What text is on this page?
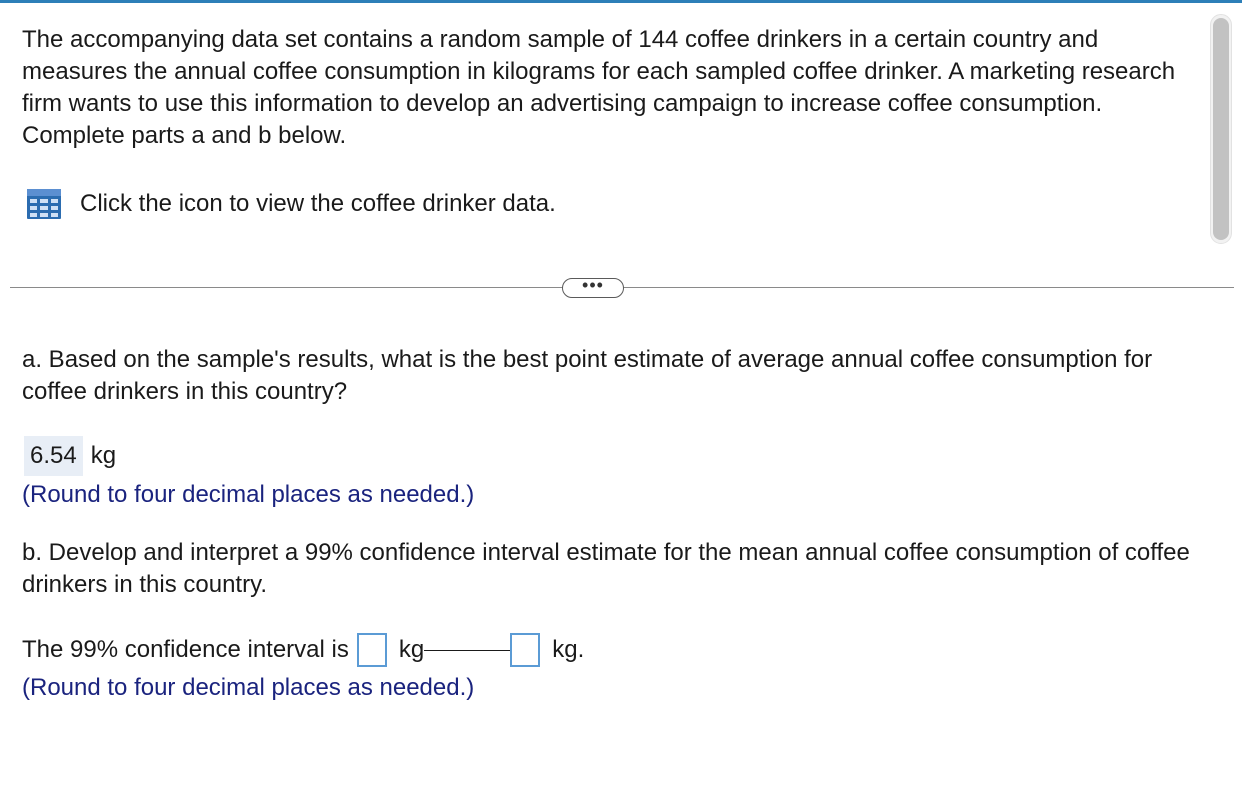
The accompanying data set contains a random sample of 144 coffee drinkers in a certain country and measures the annual coffee consumption in kilograms for each sampled coffee drinker. A marketing research firm wants to use this information to develop an advertising campaign to increase coffee consumption. Complete parts a and b below.

Click the icon to view the coffee drinker data.
•••

a. Based on the sample's results, what is the best point estimate of average annual coffee consumption for coffee drinkers in this country?

6.54 kg

(Round to four decimal places as needed.)

b. Develop and interpret a 99% confidence interval estimate for the mean annual coffee consumption of coffee drinkers in this country.

The 99% confidence interval is kg	kg.

(Round to four decimal places as needed.)
